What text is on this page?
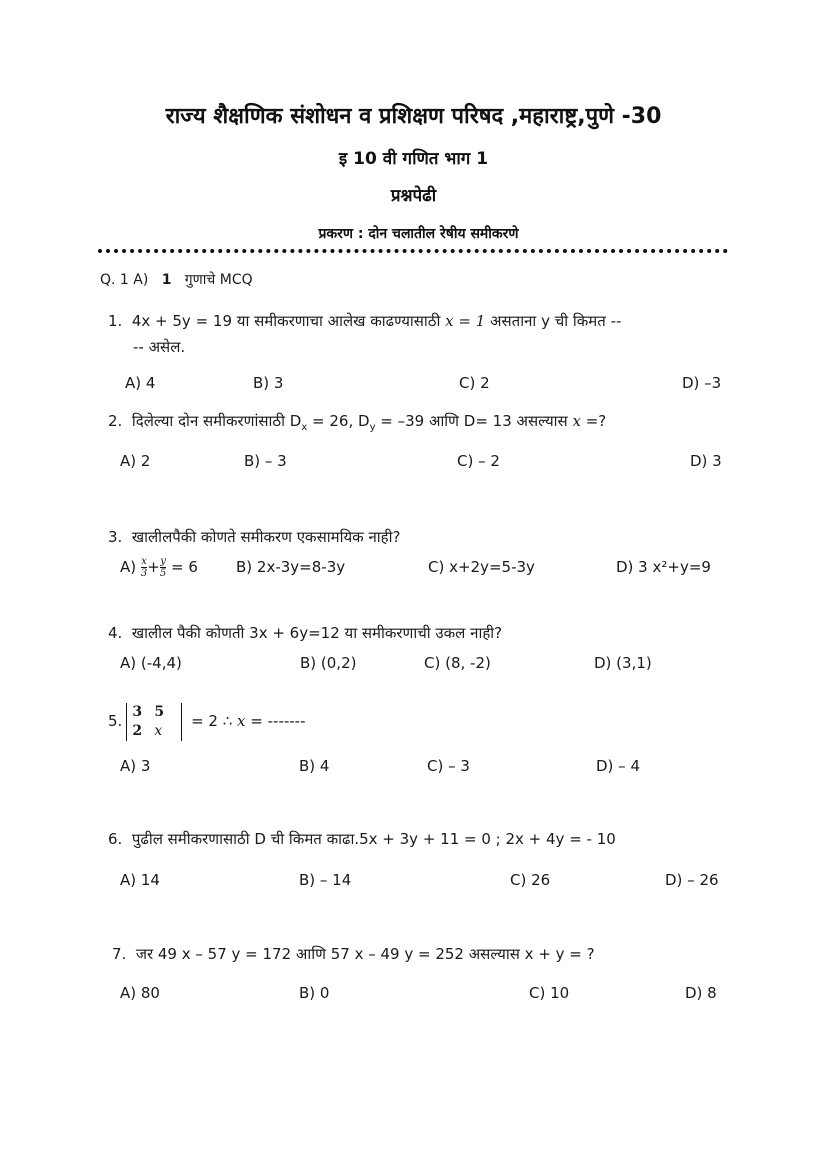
राज्य शैक्षणिक संशोधन व प्रशिक्षण परिषद ,महाराष्ट्र,पुणे -30
इ 10 वी गणित भाग 1
प्रश्नपेढी
प्रकरण : दोन चलातील रेषीय समीकरणे
Q. 1 A) 1 गुणाचे MCQ
1. 4x + 5y = 19 या समीकरणाचा आलेख काढण्यासाठी x = 1 असताना y ची किमत --
-- असेल.
A) 4	B) 3	C) 2	D) –3
2. दिलेल्या दोन समीकरणांसाठी $D_x = 26$, $D_y = -39$ आणि D= 13 असल्यास x =?
A) 2	B) – 3	C) – 2	D) 3
3. खालीलपैकी कोणते समीकरण एकसामयिक नाही?
$A) \frac{x}{3}+ \frac{y}{5} = 6$	B) 2x-3y=8-3y	C) x+2y=5-3y	D) 3 x²+y=9
4. खालील पैकी कोणती 3x + 6y=12 या समीकरणाची उकल नाही?
A) (-4,4)	B) (0,2)	C) (8, -2)	D) (3,1)
5.3 5
2 x = 2 ∴ x = -------
A) 3	B) 4	C) – 3	D) – 4
6. पुढील समीकरणासाठी D ची किमत काढा.5x + 3y + 11 = 0 ; 2x + 4y = - 10
A) 14	B) – 14	C) 26	D) – 26
7. जर 49 x – 57 y = 172 आणि 57 x – 49 y = 252 असल्यास x + y = ?
A) 80	B) 0	C) 10	D) 8
